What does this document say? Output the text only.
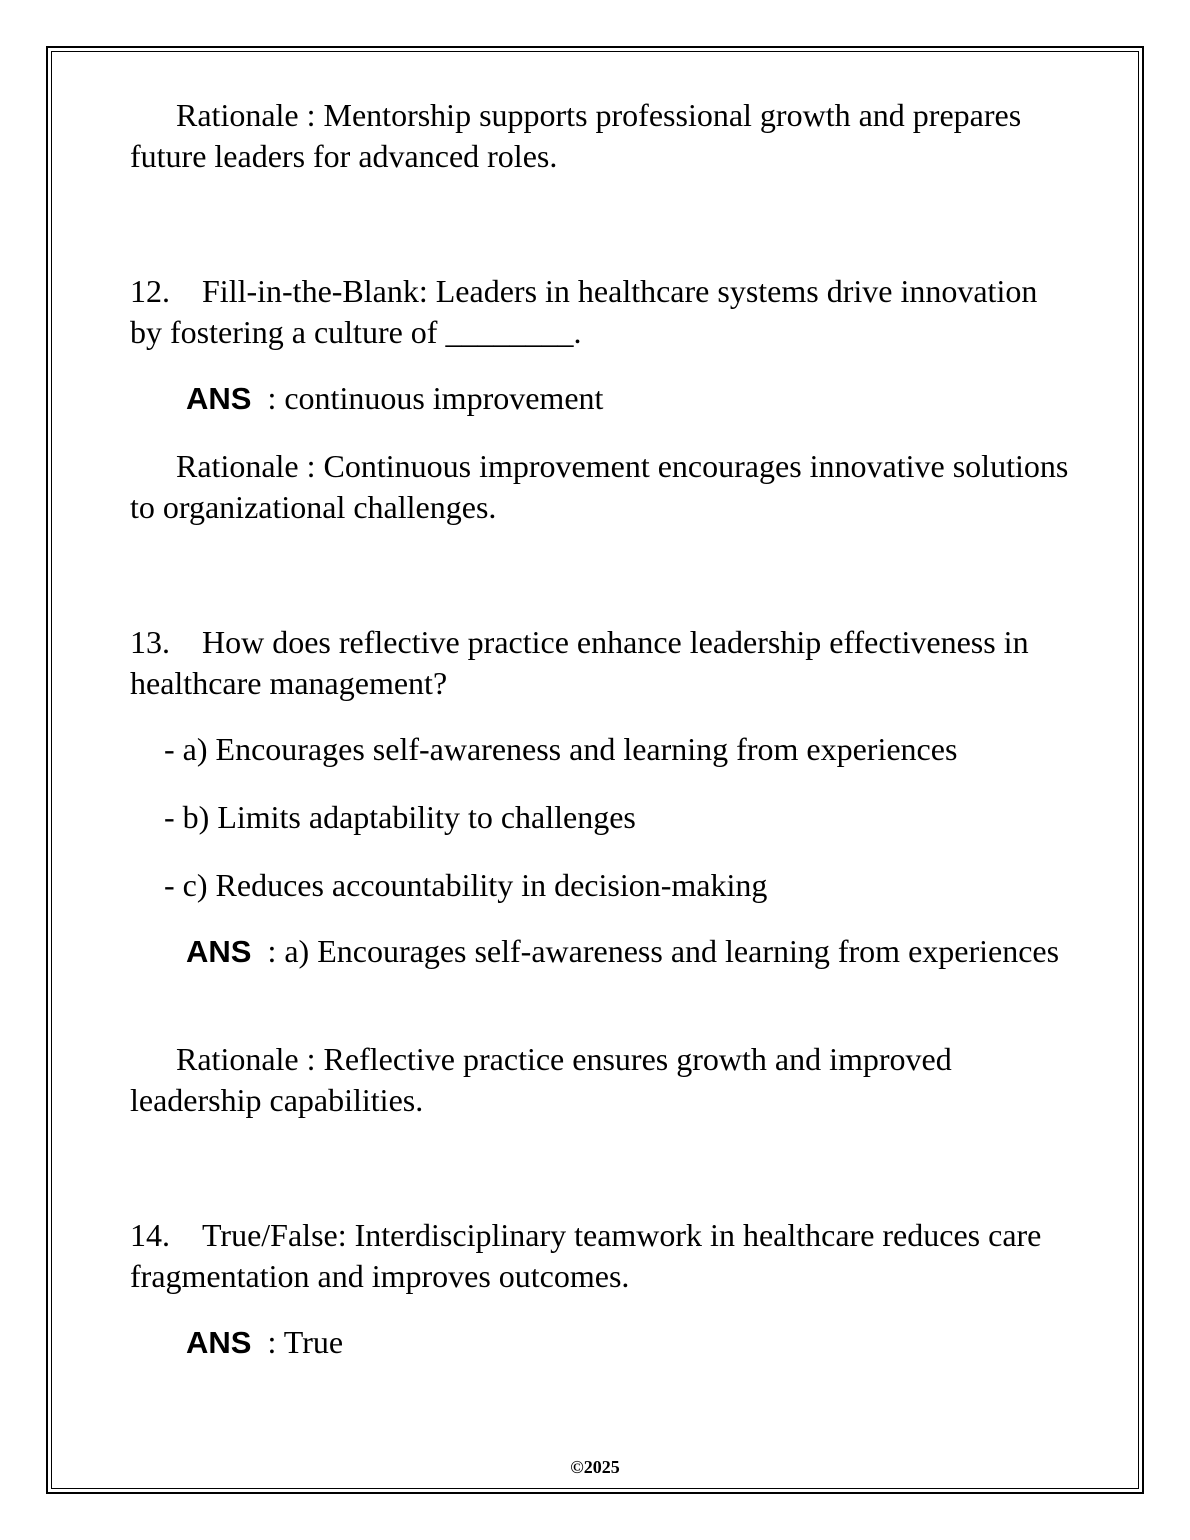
Rationale : Mentorship supports professional growth and prepares future leaders for advanced roles.

12. Fill-in-the-Blank: Leaders in healthcare systems drive innovation by fostering a culture of ________.

ANS  : continuous improvement

Rationale : Continuous improvement encourages innovative solutions to organizational challenges.

13. How does reflective practice enhance leadership effectiveness in healthcare management?

- a) Encourages self-awareness and learning from experiences

- b) Limits adaptability to challenges

- c) Reduces accountability in decision-making

ANS  : a) Encourages self-awareness and learning from experiences

Rationale : Reflective practice ensures growth and improved leadership capabilities.

14. True/False: Interdisciplinary teamwork in healthcare reduces care fragmentation and improves outcomes.

ANS  : True

©2025
